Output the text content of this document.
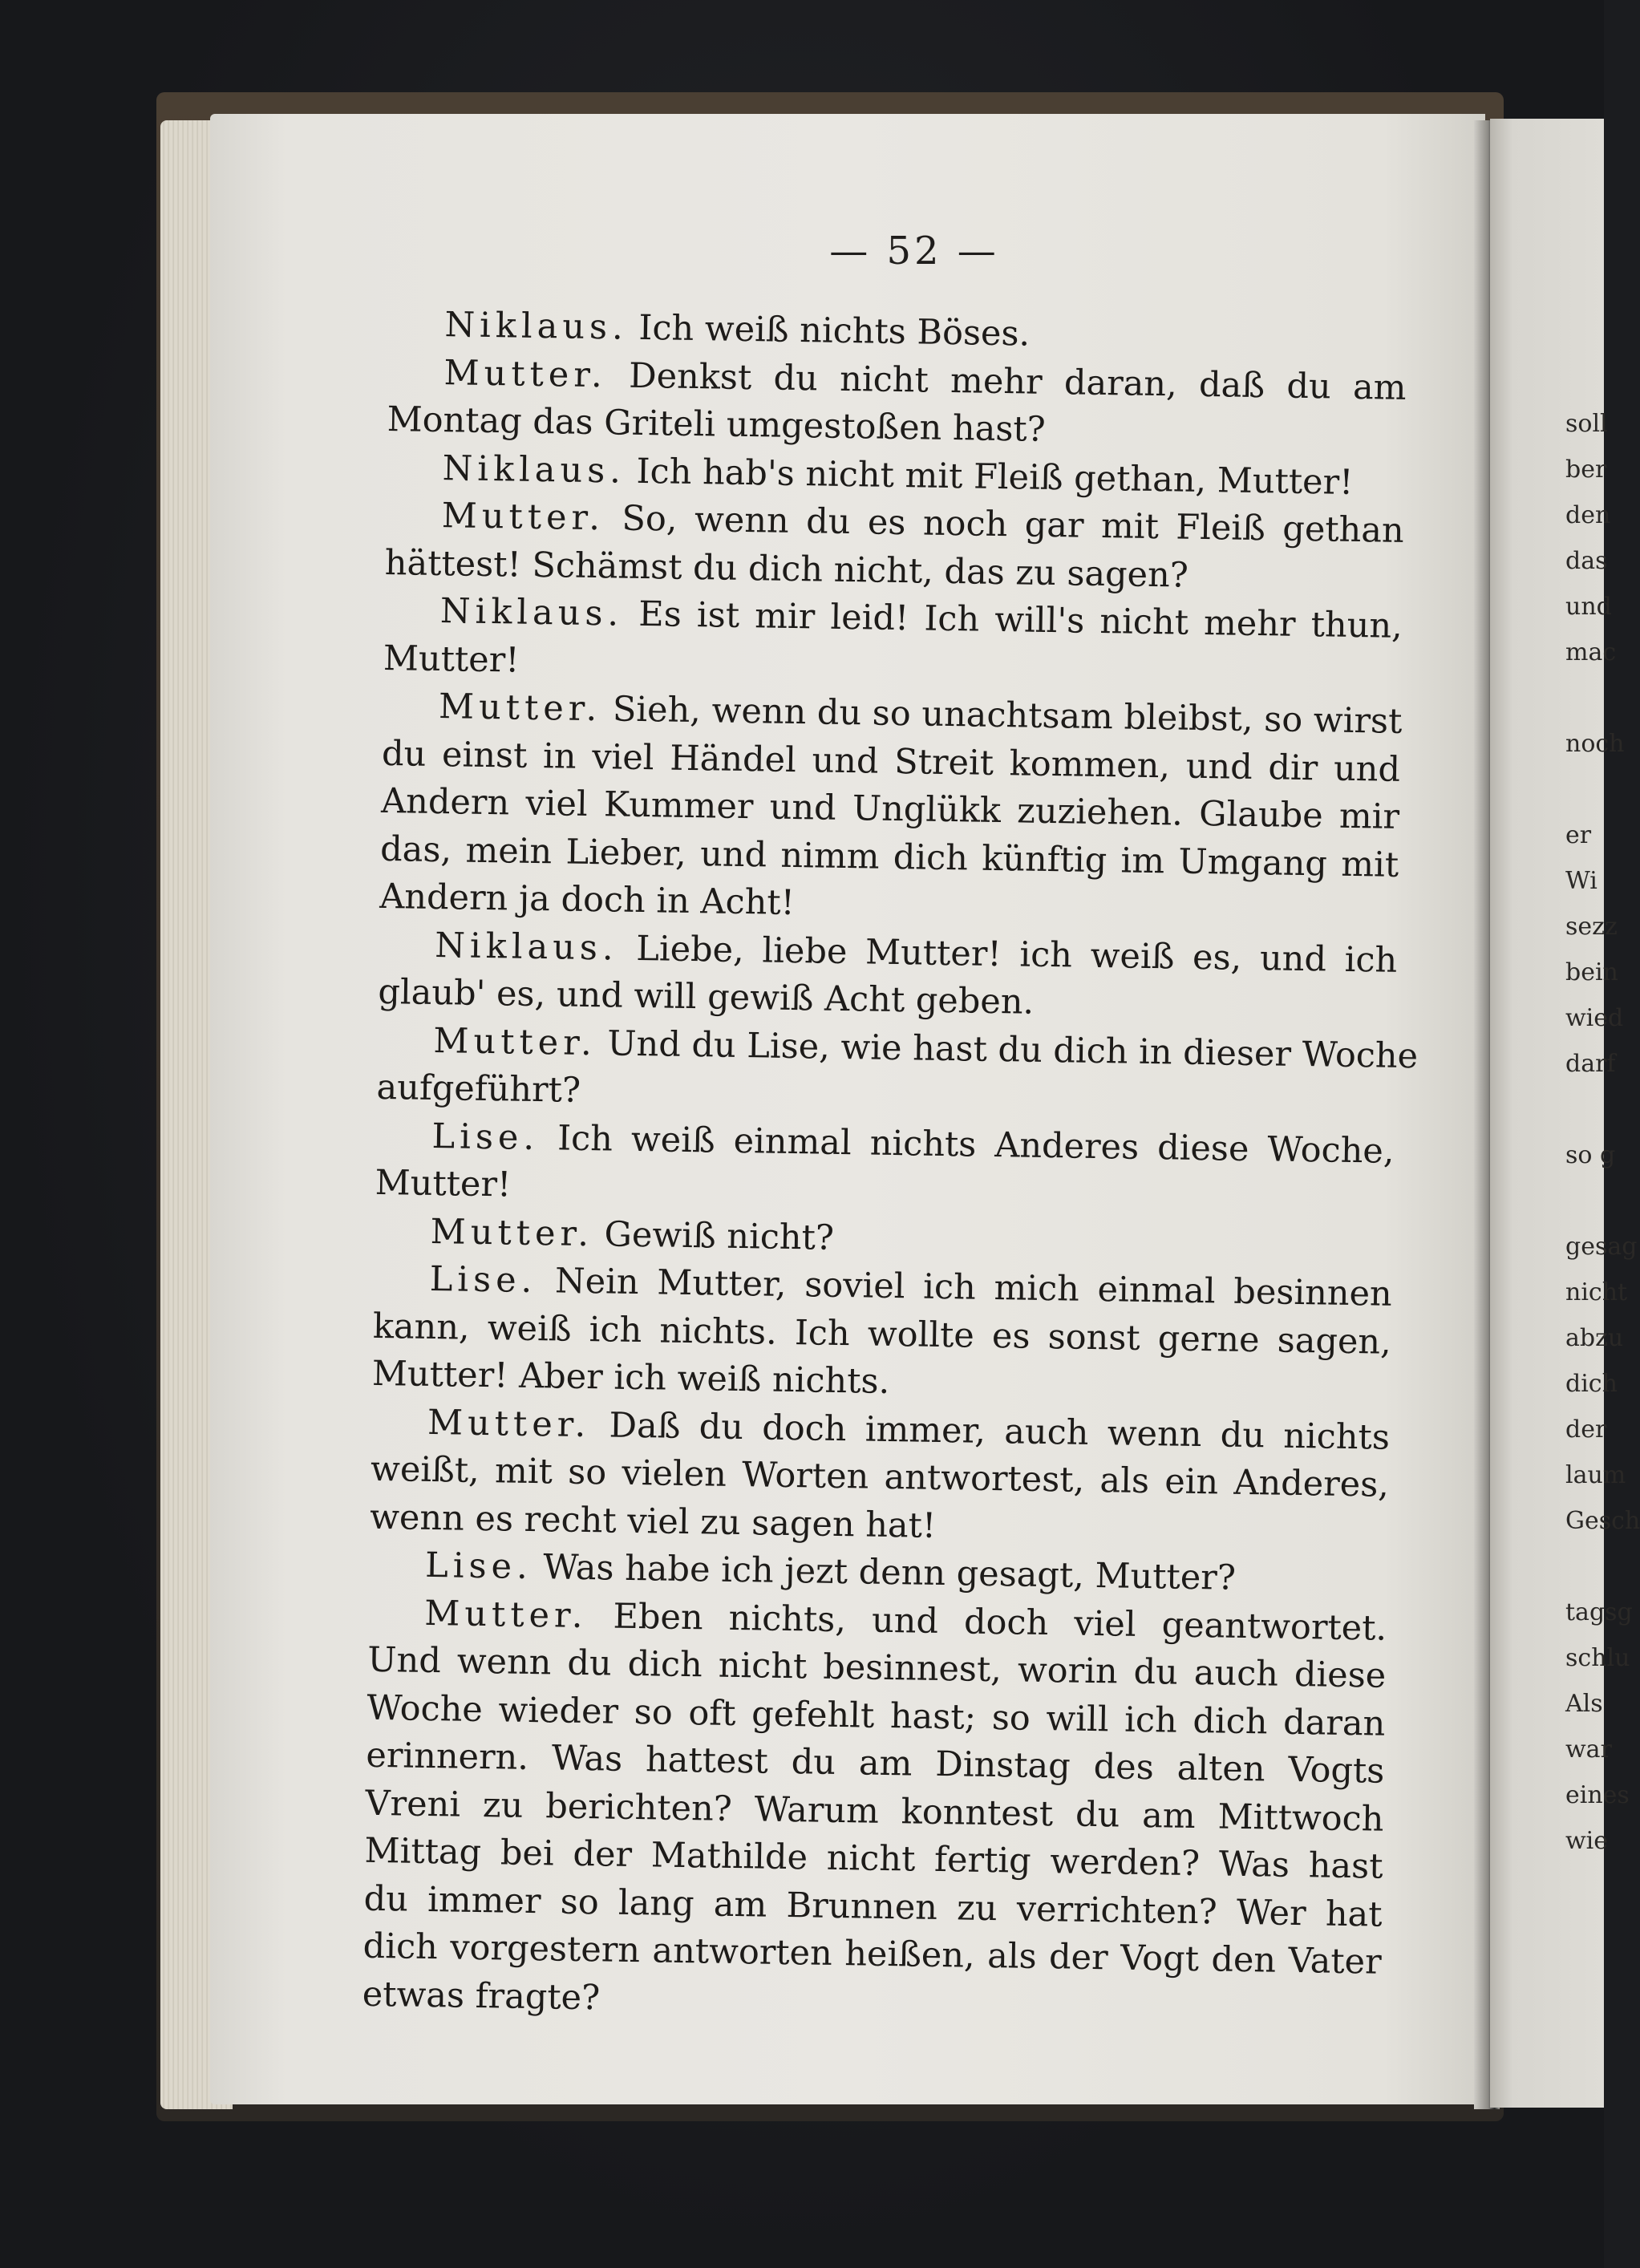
— 52 —
Niklaus. Ich weiß nichts Böses.
Mutter. Denkst du nicht mehr daran, daß du am
Montag das Griteli umgestoßen hast?
Niklaus. Ich hab's nicht mit Fleiß gethan, Mutter!
Mutter. So, wenn du es noch gar mit Fleiß gethan
hättest! Schämst du dich nicht, das zu sagen?
Niklaus. Es ist mir leid! Ich will's nicht mehr thun,
Mutter!
Mutter. Sieh, wenn du so unachtsam bleibst, so wirst
du einst in viel Händel und Streit kommen, und dir und
Andern viel Kummer und Unglükk zuziehen. Glaube mir
das, mein Lieber, und nimm dich künftig im Umgang mit
Andern ja doch in Acht!
Niklaus. Liebe, liebe Mutter! ich weiß es, und ich
glaub' es, und will gewiß Acht geben.
Mutter. Und du Lise, wie hast du dich in dieser Woche
aufgeführt?
Lise. Ich weiß einmal nichts Anderes diese Woche,
Mutter!
Mutter. Gewiß nicht?
Lise. Nein Mutter, soviel ich mich einmal besinnen
kann, weiß ich nichts. Ich wollte es sonst gerne sagen,
Mutter! Aber ich weiß nichts.
Mutter. Daß du doch immer, auch wenn du nichts
weißt, mit so vielen Worten antwortest, als ein Anderes,
wenn es recht viel zu sagen hat!
Lise. Was habe ich jezt denn gesagt, Mutter?
Mutter. Eben nichts, und doch viel geantwortet.
Und wenn du dich nicht besinnest, worin du auch diese
Woche wieder so oft gefehlt hast; so will ich dich daran
erinnern. Was hattest du am Dinstag des alten Vogts
Vreni zu berichten? Warum konntest du am Mittwoch
Mittag bei der Mathilde nicht fertig werden? Was hast
du immer so lang am Brunnen zu verrichten? Wer hat
dich vorgestern antworten heißen, als der Vogt den Vater
etwas fragte?
soll
ber
den
das
und
mac
noch
er
Wi
sezz
bein
wied
darf
so g
gesag
nicht
abzu
dich
der
laum
Gesch
tagsg
schlu
Als
war
eines
wie
